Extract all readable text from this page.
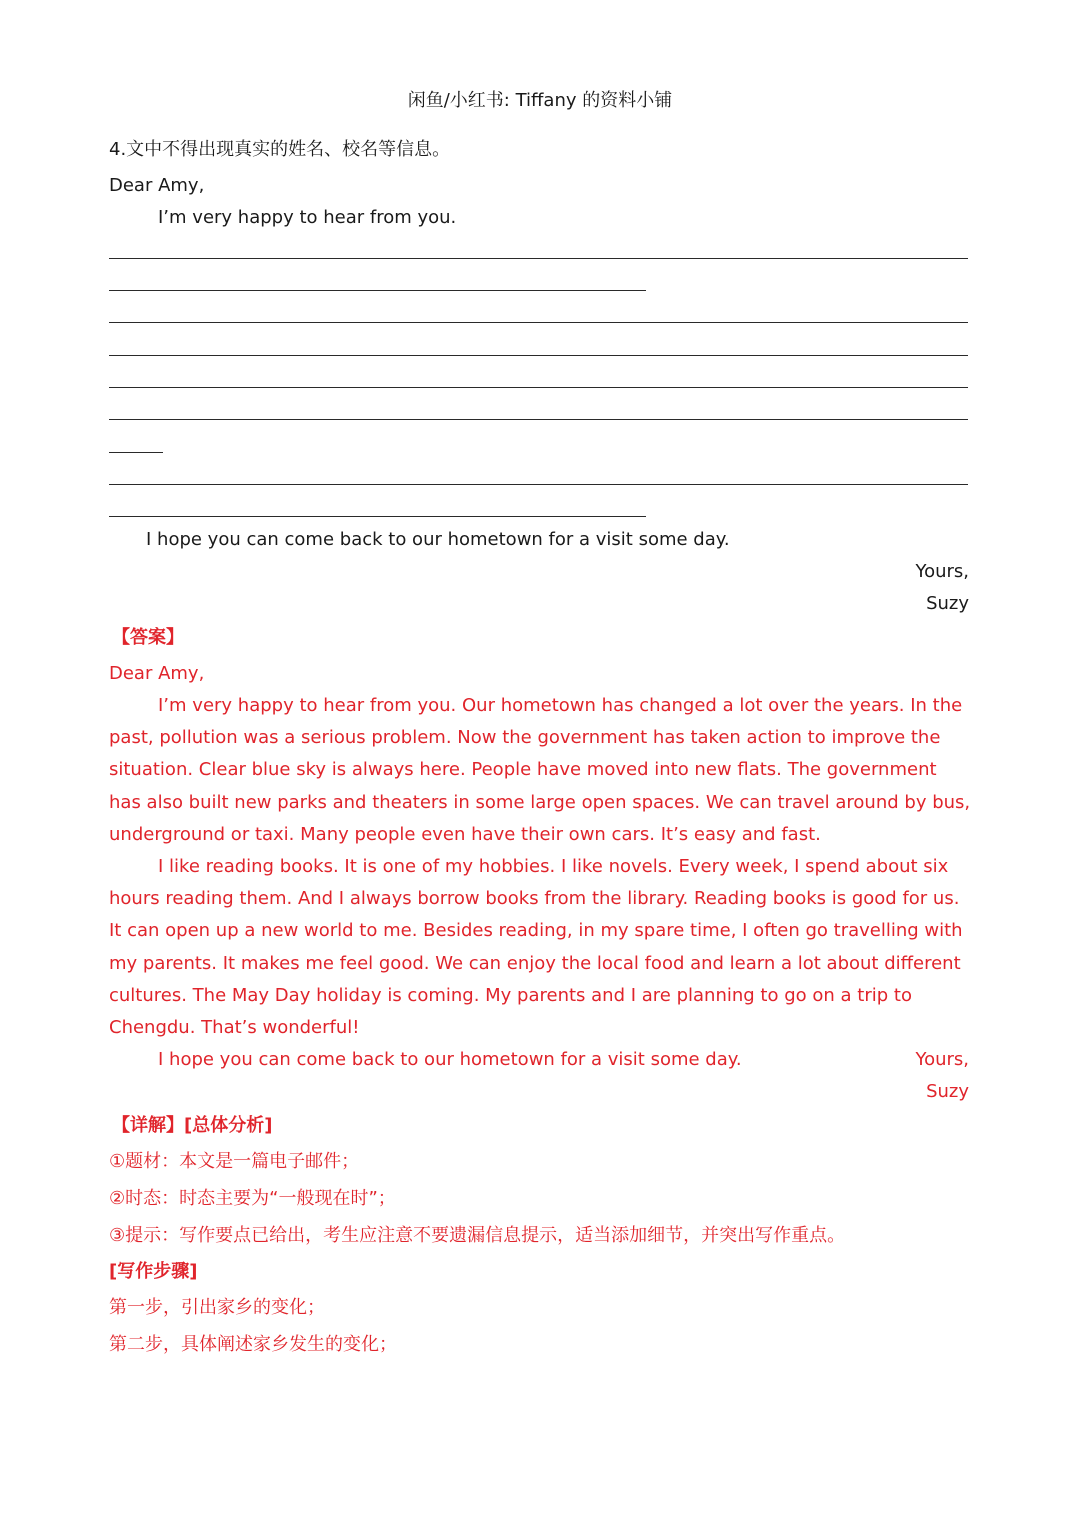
闲鱼/小红书: Tiffany 的资料小铺
4.文中不得出现真实的姓名、校名等信息。
Dear Amy,
I’m very happy to hear from you.
I hope you can come back to our hometown for a visit some day.
Yours,
Suzy
【答案】
Dear Amy,

I’m very happy to hear from you. Our hometown has changed a lot over the years. In the past, pollution was a serious problem. Now the government has taken action to improve the situation. Clear blue sky is always here. People have moved into new flats. The government has also built new parks and theaters in some large open spaces. We can travel around by bus, underground or taxi. Many people even have their own cars. It’s easy and fast.

I like reading books. It is one of my hobbies. I like novels. Every week, I spend about six hours reading them. And I always borrow books from the library. Reading books is good for us. It can open up a new world to me. Besides reading, in my spare time, I often go travelling with my parents. It makes me feel good. We can enjoy the local food and learn a lot about different cultures. The May Day holiday is coming. My parents and I are planning to go on a trip to Chengdu. That’s wonderful!

I hope you can come back to our hometown for a visit some day.	Yours,
Suzy
【详解】[总体分析]
①题材：本文是一篇电子邮件；
②时态：时态主要为“一般现在时”；
③提示：写作要点已给出，考生应注意不要遗漏信息提示，适当添加细节，并突出写作重点。
[写作步骤]
第一步，引出家乡的变化；
第二步，具体阐述家乡发生的变化；
